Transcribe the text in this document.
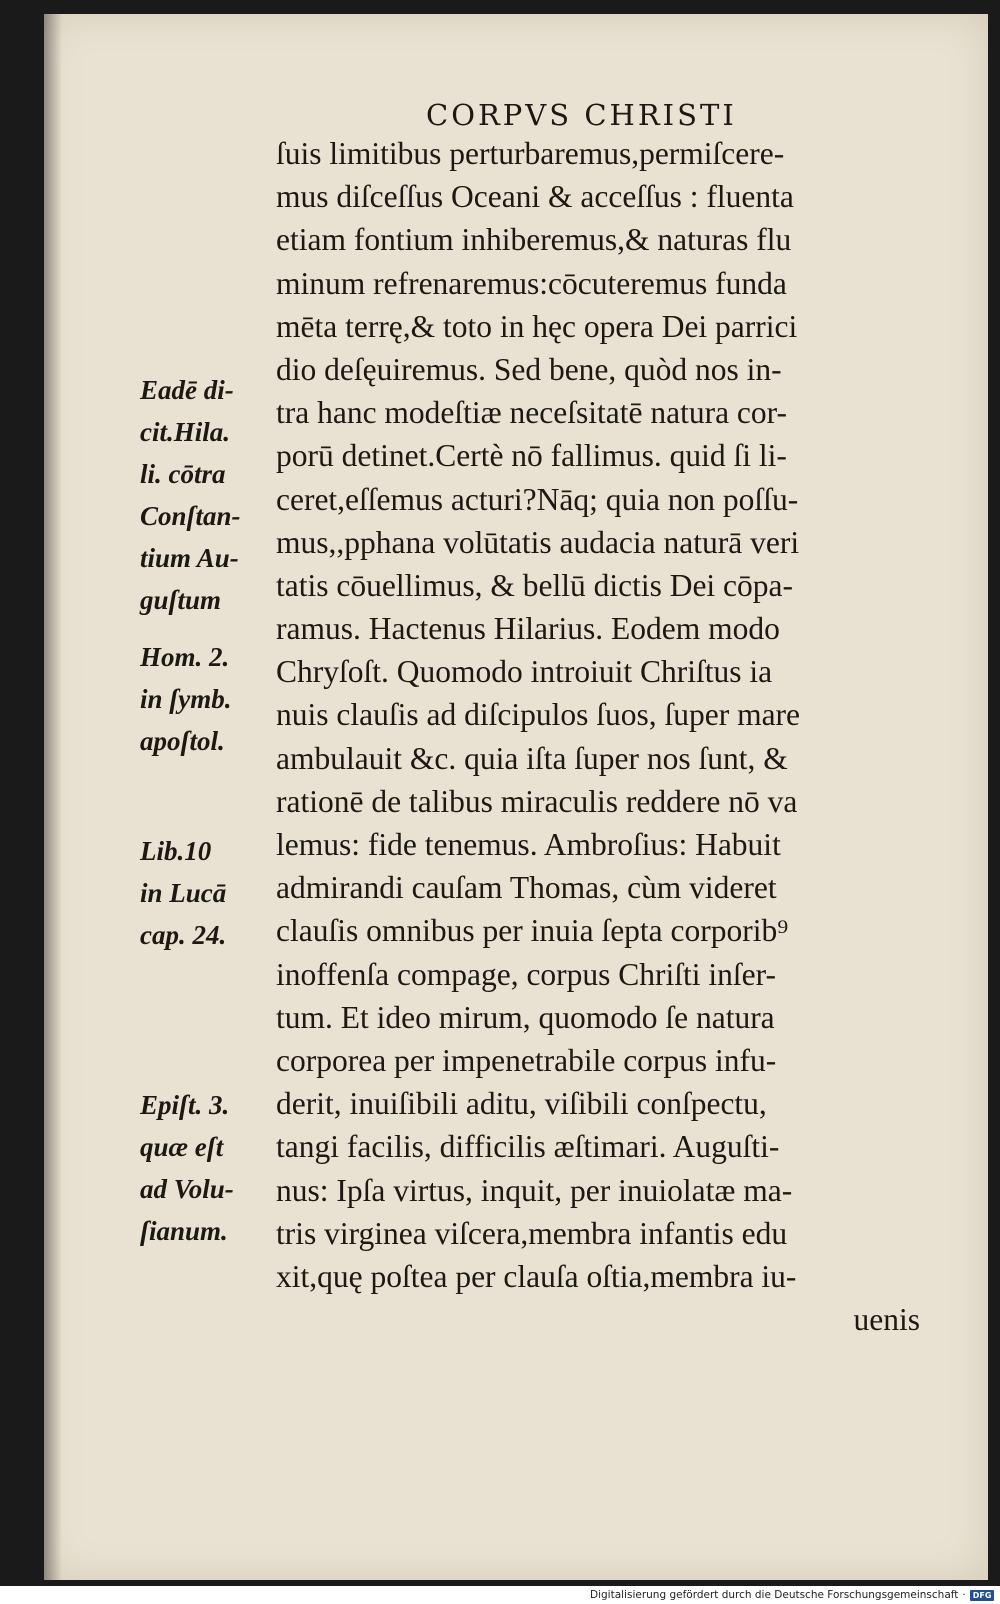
CORPVS CHRISTI
ſuis limitibus perturbaremus,permiſcere-
mus diſceſſus Oceani & acceſſus : fluenta
etiam fontium inhiberemus,& naturas flu
minum refrenaremus:cōcuteremus funda
mēta terrę,& toto in hęc opera Dei parrici
dio deſęuiremus. Sed bene, quòd nos in-
tra hanc modeſtiæ neceſsitatē natura cor-
porū detinet.Certè nō fallimus. quid ſi li-
ceret,eſſemus acturi?Nāq; quia non poſſu-
mus,,pphana volūtatis audacia naturā veri
tatis cōuellimus, & bellū dictis Dei cōpa-
ramus. Hactenus Hilarius. Eodem modo
Chryſoſt. Quomodo introiuit Chriſtus ia
nuis clauſis ad diſcipulos ſuos, ſuper mare
ambulauit &c. quia iſta ſuper nos ſunt, &
rationē de talibus miraculis reddere nō va
lemus: fide tenemus. Ambroſius: Habuit
admirandi cauſam Thomas, cùm videret
clauſis omnibus per inuia ſepta corporib⁹
inoffenſa compage, corpus Chriſti inſer-
tum. Et ideo mirum, quomodo ſe natura
corporea per impenetrabile corpus infu-
derit, inuiſibili aditu, viſibili conſpectu,
tangi facilis, difficilis æſtimari. Auguſti-
nus: Ipſa virtus, inquit, per inuiolatæ ma-
tris virginea viſcera,membra infantis edu
xit,quę poſtea per clauſa oſtia,membra iu-
uenis
Eadē di-
cit.Hila.
li. cōtra
Conſtan-
tium Au-
guſtum
Hom. 2.
in ſymb.
apoſtol.
Lib.10
in Lucā
cap. 24.
Epiſt. 3.
quæ eſt
ad Volu-
ſianum.
Digitalisierung gefördert durch die Deutsche Forschungsgemeinschaft · DFG
